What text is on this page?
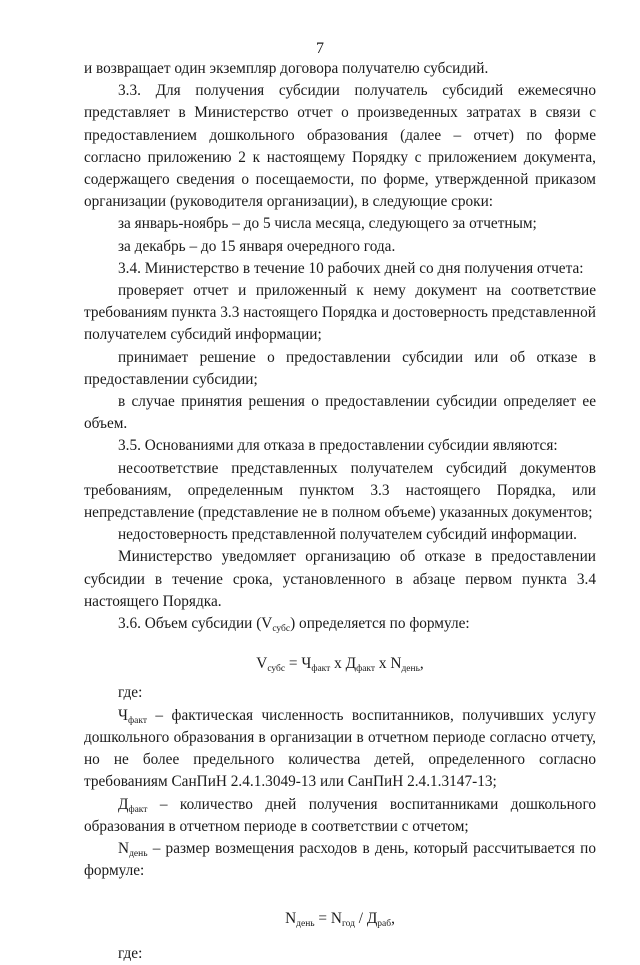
7

и возвращает один экземпляр договора получателю субсидий.

3.3. Для получения субсидии получатель субсидий ежемесячно представляет в Министерство отчет о произведенных затратах в связи с предоставлением дошкольного образования (далее – отчет) по форме согласно приложению 2 к настоящему Порядку с приложением документа, содержащего сведения о посещаемости, по форме, утвержденной приказом организации (руководителя организации), в следующие сроки:

за январь-ноябрь – до 5 числа месяца, следующего за отчетным;

за декабрь – до 15 января очередного года.

3.4. Министерство в течение 10 рабочих дней со дня получения отчета:

проверяет отчет и приложенный к нему документ на соответствие требованиям пункта 3.3 настоящего Порядка и достоверность представленной получателем субсидий информации;

принимает решение о предоставлении субсидии или об отказе в предоставлении субсидии;

в случае принятия решения о предоставлении субсидии определяет ее объем.

3.5. Основаниями для отказа в предоставлении субсидии являются:

несоответствие представленных получателем субсидий документов требованиям, определенным пунктом 3.3 настоящего Порядка, или непредставление (представление не в полном объеме) указанных документов;

недостоверность представленной получателем субсидий информации.

Министерство уведомляет организацию об отказе в предоставлении субсидии в течение срока, установленного в абзаце первом пункта 3.4 настоящего Порядка.

3.6. Объем субсидии $(V_{субс})$ определяется по формуле:

$V_{субс} = Ч_{факт}$ x $Д_{факт}$ x $N_{день}$,

где:

$Ч_{факт}$ – фактическая численность воспитанников, получивших услугу дошкольного образования в организации в отчетном периоде согласно отчету, но не более предельного количества детей, определенного согласно требованиям СанПиН 2.4.1.3049-13 или СанПиН 2.4.1.3147-13;

$Д_{факт}$ – количество дней получения воспитанниками дошкольного образования в отчетном периоде в соответствии с отчетом;

$N_{день}$ – размер возмещения расходов в день, который рассчитывается по формуле:

$N_{день} = N_{год} / Д_{раб}$,

где:
